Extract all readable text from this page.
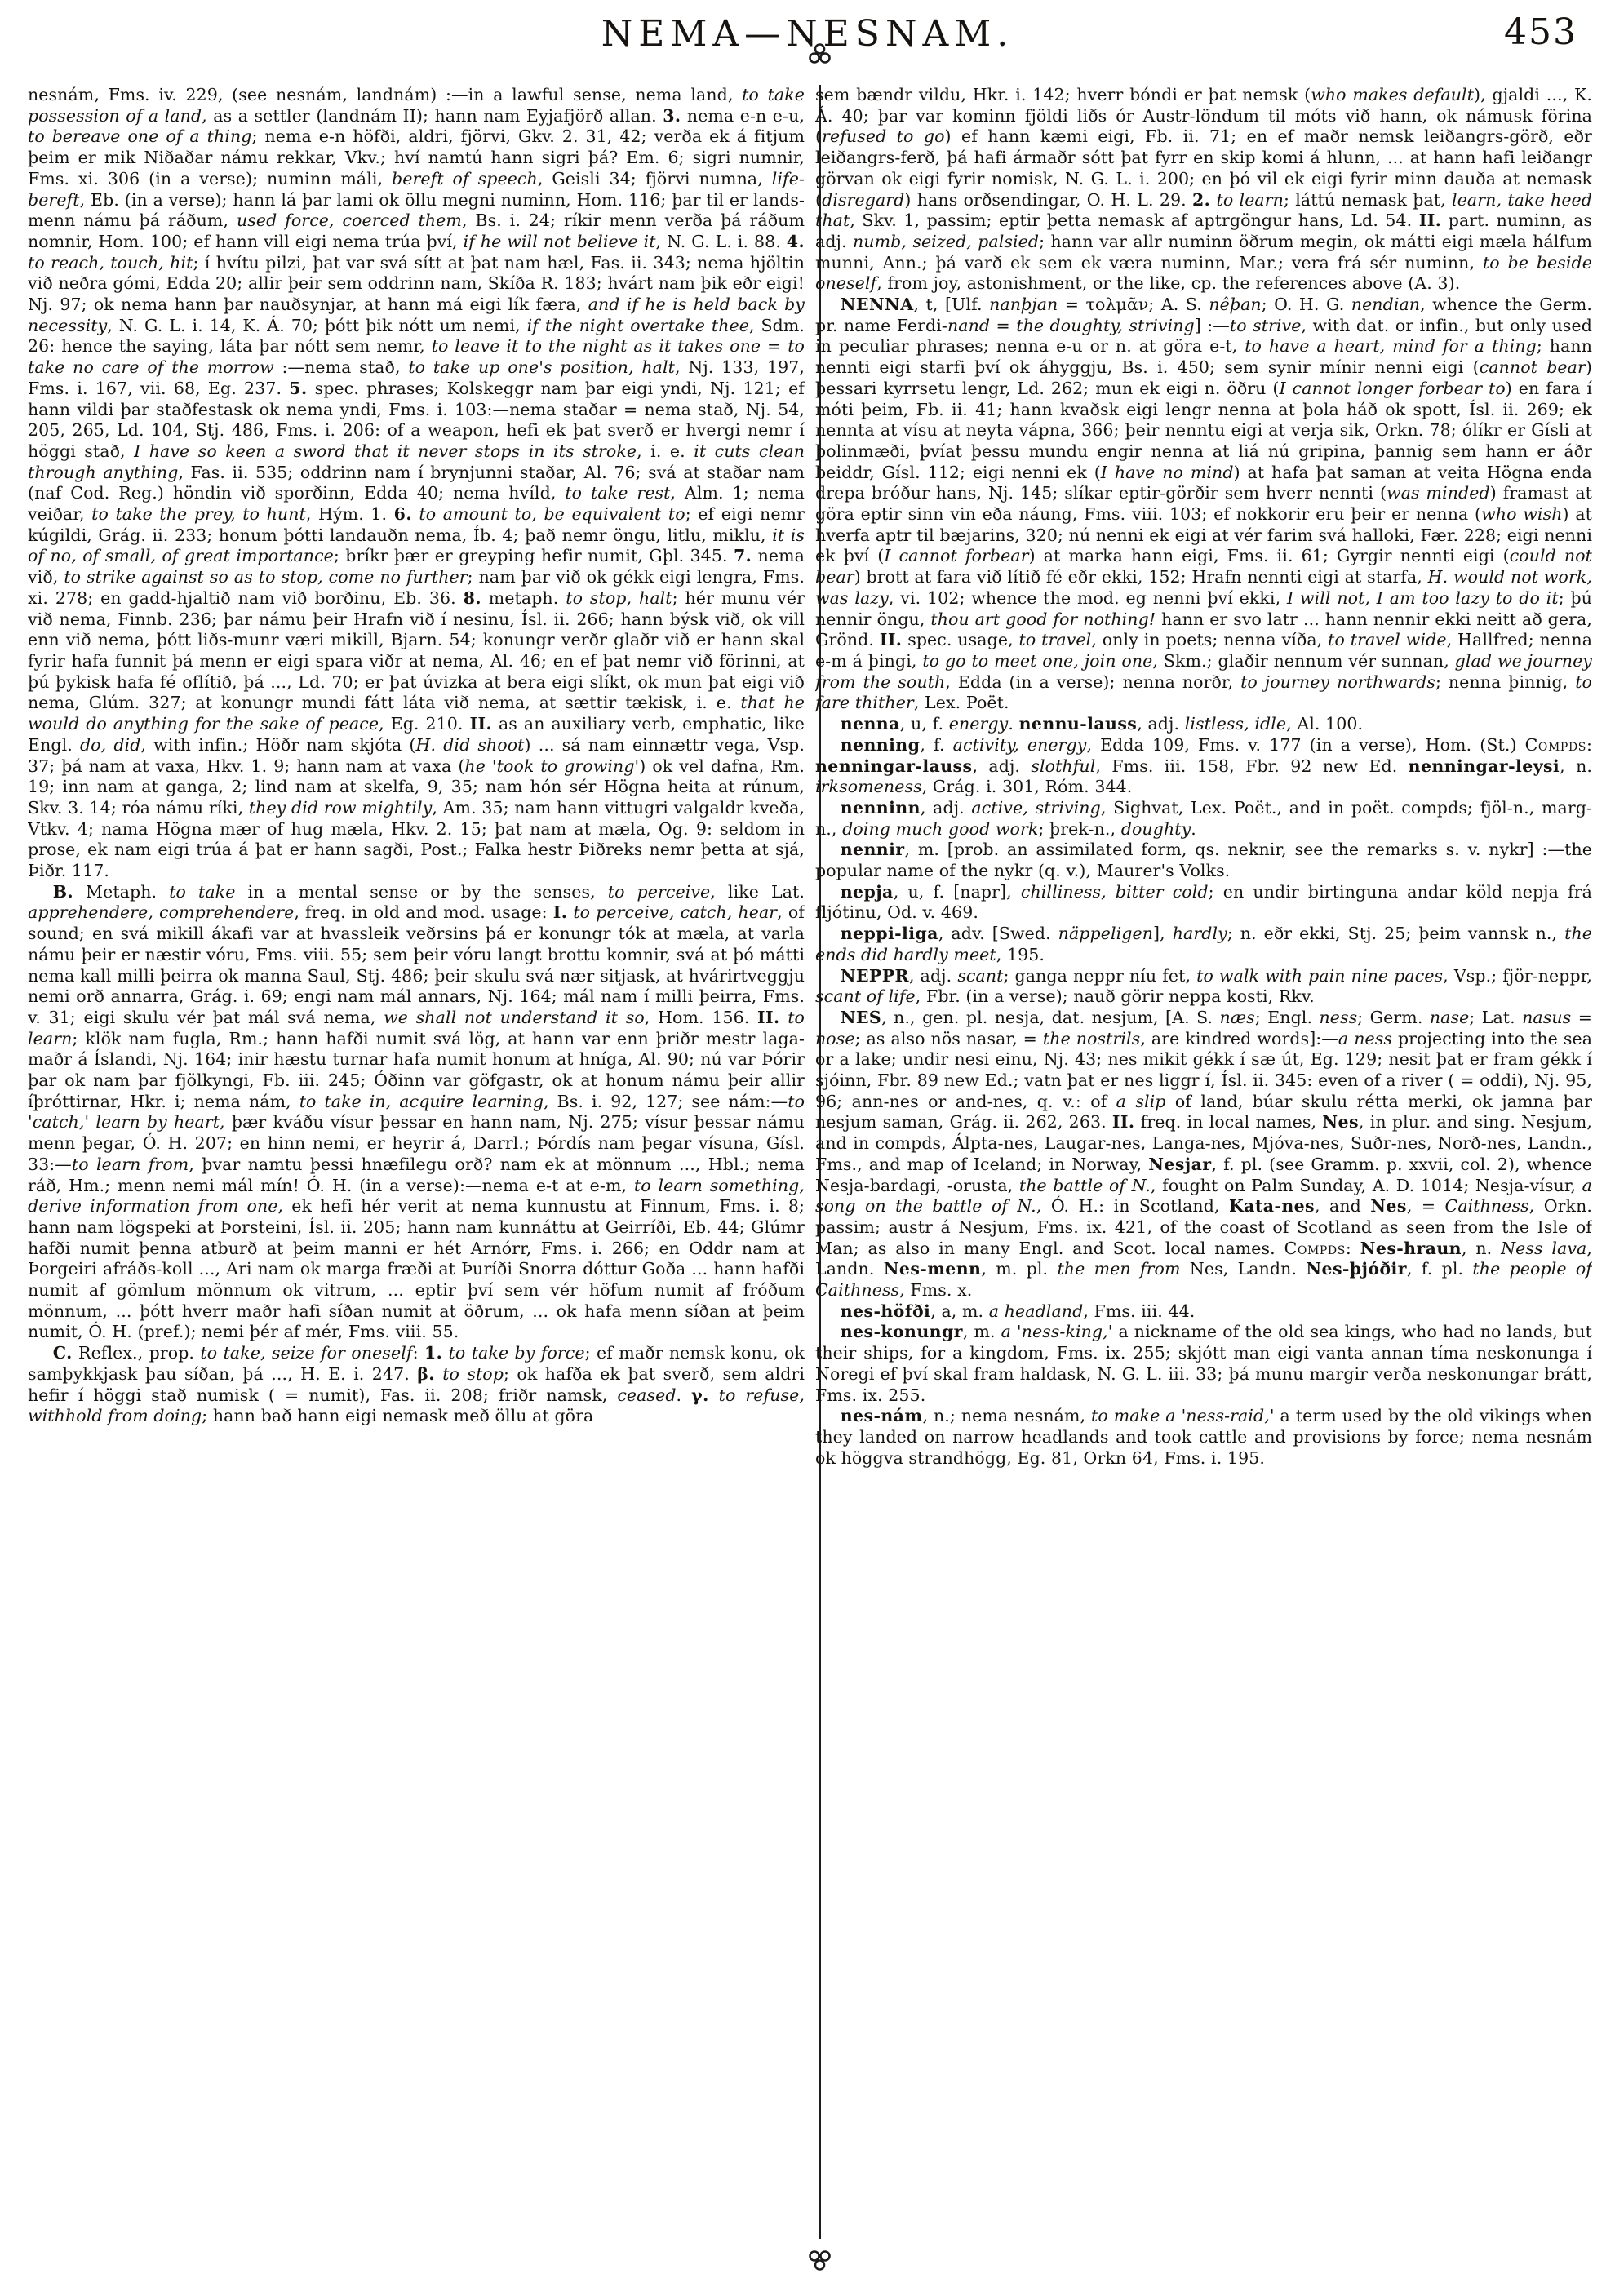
NEMA—NESNAM.	453

nesnám, Fms. iv. 229, (see nesnám, landnám) :—in a lawful sense, nema land, to take possession of a land, as a settler (landnám II); hann nam Eyjafjörð allan. 3. nema e-n e-u, to bereave one of a thing; nema e-n höfði, aldri, fjörvi, Gkv. 2. 31, 42; verða ek á fitjum þeim er mik Niðaðar námu rekkar, Vkv.; hví namtú hann sigri þá? Em. 6; sigri numnir, Fms. xi. 306 (in a verse); numinn máli, bereft of speech, Geisli 34; fjörvi numna, life-bereft, Eb. (in a verse); hann lá þar lami ok öllu megni numinn, Hom. 116; þar til er lands-menn námu þá ráðum, used force, coerced them, Bs. i. 24; ríkir menn verða þá ráðum nomnir, Hom. 100; ef hann vill eigi nema trúa því, if he will not believe it, N. G. L. i. 88. 4. to reach, touch, hit; í hvítu pilzi, þat var svá sítt at þat nam hæl, Fas. ii. 343; nema hjöltin við neðra gómi, Edda 20; allir þeir sem oddrinn nam, Skíða R. 183; hvárt nam þik eðr eigi! Nj. 97; ok nema hann þar nauðsynjar, at hann má eigi lík færa, and if he is held back by necessity, N. G. L. i. 14, K. Á. 70; þótt þik nótt um nemi, if the night overtake thee, Sdm. 26: hence the saying, láta þar nótt sem nemr, to leave it to the night as it takes one = to take no care of the morrow :—nema stað, to take up one's position, halt, Nj. 133, 197, Fms. i. 167, vii. 68, Eg. 237. 5. spec. phrases; Kolskeggr nam þar eigi yndi, Nj. 121; ef hann vildi þar staðfestask ok nema yndi, Fms. i. 103:—nema staðar = nema stað, Nj. 54, 205, 265, Ld. 104, Stj. 486, Fms. i. 206: of a weapon, hefi ek þat sverð er hvergi nemr í höggi stað, I have so keen a sword that it never stops in its stroke, i. e. it cuts clean through anything, Fas. ii. 535; oddrinn nam í brynjunni staðar, Al. 76; svá at staðar nam (naf Cod. Reg.) höndin við sporðinn, Edda 40; nema hvíld, to take rest, Alm. 1; nema veiðar, to take the prey, to hunt, Hým. 1. 6. to amount to, be equivalent to; ef eigi nemr kúgildi, Grág. ii. 233; honum þótti landauðn nema, Íb. 4; það nemr öngu, litlu, miklu, it is of no, of small, of great importance; bríkr þær er greyping hefir numit, Gþl. 345. 7. nema við, to strike against so as to stop, come no further; nam þar við ok gékk eigi lengra, Fms. xi. 278; en gadd-hjaltið nam við borðinu, Eb. 36. 8. metaph. to stop, halt; hér munu vér við nema, Finnb. 236; þar námu þeir Hrafn við í nesinu, Ísl. ii. 266; hann býsk við, ok vill enn við nema, þótt liðs-munr væri mikill, Bjarn. 54; konungr verðr glaðr við er hann skal fyrir hafa funnit þá menn er eigi spara viðr at nema, Al. 46; en ef þat nemr við förinni, at þú þykisk hafa fé oflítið, þá ..., Ld. 70; er þat úvizka at bera eigi slíkt, ok mun þat eigi við nema, Glúm. 327; at konungr mundi fátt láta við nema, at sættir tækisk, i. e. that he would do anything for the sake of peace, Eg. 210. II. as an auxiliary verb, emphatic, like Engl. do, did, with infin.; Höðr nam skjóta (H. did shoot) ... sá nam einnættr vega, Vsp. 37; þá nam at vaxa, Hkv. 1. 9; hann nam at vaxa (he 'took to growing') ok vel dafna, Rm. 19; inn nam at ganga, 2; lind nam at skelfa, 9, 35; nam hón sér Högna heita at rúnum, Skv. 3. 14; róa námu ríki, they did row mightily, Am. 35; nam hann vittugri valgaldr kveða, Vtkv. 4; nama Högna mær of hug mæla, Hkv. 2. 15; þat nam at mæla, Og. 9: seldom in prose, ek nam eigi trúa á þat er hann sagði, Post.; Falka hestr Þiðreks nemr þetta at sjá, Þiðr. 117.

B. Metaph. to take in a mental sense or by the senses, to perceive, like Lat. apprehendere, comprehendere, freq. in old and mod. usage: I. to perceive, catch, hear, of sound; en svá mikill ákafi var at hvassleik veðrsins þá er konungr tók at mæla, at varla námu þeir er næstir vóru, Fms. viii. 55; sem þeir vóru langt brottu komnir, svá at þó mátti nema kall milli þeirra ok manna Saul, Stj. 486; þeir skulu svá nær sitjask, at hvárirtveggju nemi orð annarra, Grág. i. 69; engi nam mál annars, Nj. 164; mál nam í milli þeirra, Fms. v. 31; eigi skulu vér þat mál svá nema, we shall not understand it so, Hom. 156. II. to learn; klök nam fugla, Rm.; hann hafði numit svá lög, at hann var enn þriðr mestr laga-maðr á Íslandi, Nj. 164; inir hæstu turnar hafa numit honum at hníga, Al. 90; nú var Þórir þar ok nam þar fjölkyngi, Fb. iii. 245; Óðinn var göfgastr, ok at honum námu þeir allir íþróttirnar, Hkr. i; nema nám, to take in, acquire learning, Bs. i. 92, 127; see nám:—to 'catch,' learn by heart, þær kváðu vísur þessar en hann nam, Nj. 275; vísur þessar námu menn þegar, Ó. H. 207; en hinn nemi, er heyrir á, Darrl.; Þórdís nam þegar vísuna, Gísl. 33:—to learn from, þvar namtu þessi hnæfilegu orð? nam ek at mönnum ..., Hbl.; nema ráð, Hm.; menn nemi mál mín! Ó. H. (in a verse):—nema e-t at e-m, to learn something, derive information from one, ek hefi hér verit at nema kunnustu at Finnum, Fms. i. 8; hann nam lögspeki at Þorsteini, Ísl. ii. 205; hann nam kunnáttu at Geirríði, Eb. 44; Glúmr hafði numit þenna atburð at þeim manni er hét Arnórr, Fms. i. 266; en Oddr nam at Þorgeiri afráðs-koll ..., Ari nam ok marga fræði at Þuríði Snorra dóttur Goða ... hann hafði numit af gömlum mönnum ok vitrum, ... eptir því sem vér höfum numit af fróðum mönnum, ... þótt hverr maðr hafi síðan numit at öðrum, ... ok hafa menn síðan at þeim numit, Ó. H. (pref.); nemi þér af mér, Fms. viii. 55.

C. Reflex., prop. to take, seize for oneself: 1. to take by force; ef maðr nemsk konu, ok samþykkjask þau síðan, þá ..., H. E. i. 247. β. to stop; ok hafða ek þat sverð, sem aldri hefir í höggi stað numisk ( = numit), Fas. ii. 208; friðr namsk, ceased. γ. to refuse, withhold from doing; hann bað hann eigi nemask með öllu at göra

sem bændr vildu, Hkr. i. 142; hverr bóndi er þat nemsk (who makes default), gjaldi ..., K. Á. 40; þar var kominn fjöldi liðs ór Austr-löndum til móts við hann, ok námusk förina (refused to go) ef hann kæmi eigi, Fb. ii. 71; en ef maðr nemsk leiðangrs-görð, eðr leiðangrs-ferð, þá hafi ármaðr sótt þat fyrr en skip komi á hlunn, ... at hann hafi leiðangr görvan ok eigi fyrir nomisk, N. G. L. i. 200; en þó vil ek eigi fyrir minn dauða at nemask (disregard) hans orðsendingar, O. H. L. 29. 2. to learn; láttú nemask þat, learn, take heed that, Skv. 1, passim; eptir þetta nemask af aptrgöngur hans, Ld. 54. II. part. numinn, as adj. numb, seized, palsied; hann var allr numinn öðrum megin, ok mátti eigi mæla hálfum munni, Ann.; þá varð ek sem ek væra numinn, Mar.; vera frá sér numinn, to be beside oneself, from joy, astonishment, or the like, cp. the references above (A. 3).

NENNA, t, [Ulf. nanþjan = τολμᾶν; A. S. nêþan; O. H. G. nendian, whence the Germ. pr. name Ferdi-nand = the doughty, striving] :—to strive, with dat. or infin., but only used in peculiar phrases; nenna e-u or n. at göra e-t, to have a heart, mind for a thing; hann nennti eigi starfi því ok áhyggju, Bs. i. 450; sem synir mínir nenni eigi (cannot bear) þessari kyrrsetu lengr, Ld. 262; mun ek eigi n. öðru (I cannot longer forbear to) en fara í móti þeim, Fb. ii. 41; hann kvaðsk eigi lengr nenna at þola háð ok spott, Ísl. ii. 269; ek nennta at vísu at neyta vápna, 366; þeir nenntu eigi at verja sik, Orkn. 78; ólíkr er Gísli at þolinmæði, þvíat þessu mundu engir nenna at liá nú gripina, þannig sem hann er áðr beiddr, Gísl. 112; eigi nenni ek (I have no mind) at hafa þat saman at veita Högna enda drepa bróður hans, Nj. 145; slíkar eptir-görðir sem hverr nennti (was minded) framast at göra eptir sinn vin eða náung, Fms. viii. 103; ef nokkorir eru þeir er nenna (who wish) at hverfa aptr til bæjarins, 320; nú nenni ek eigi at vér farim svá halloki, Fær. 228; eigi nenni ek því (I cannot forbear) at marka hann eigi, Fms. ii. 61; Gyrgir nennti eigi (could not bear) brott at fara við lítið fé eðr ekki, 152; Hrafn nennti eigi at starfa, H. would not work, was lazy, vi. 102; whence the mod. eg nenni því ekki, I will not, I am too lazy to do it; þú nennir öngu, thou art good for nothing! hann er svo latr ... hann nennir ekki neitt að gera, Grönd. II. spec. usage, to travel, only in poets; nenna víða, to travel wide, Hallfred; nenna e-m á þingi, to go to meet one, join one, Skm.; glaðir nennum vér sunnan, glad we journey from the south, Edda (in a verse); nenna norðr, to journey northwards; nenna þinnig, to fare thither, Lex. Poët.

nenna, u, f. energy. nennu-lauss, adj. listless, idle, Al. 100.

nenning, f. activity, energy, Edda 109, Fms. v. 177 (in a verse), Hom. (St.) Compds: nenningar-lauss, adj. slothful, Fms. iii. 158, Fbr. 92 new Ed. nenningar-leysi, n. irksomeness, Grág. i. 301, Róm. 344.

nenninn, adj. active, striving, Sighvat, Lex. Poët., and in poët. compds; fjöl-n., marg-n., doing much good work; þrek-n., doughty.

nennir, m. [prob. an assimilated form, qs. neknir, see the remarks s. v. nykr] :—the popular name of the nykr (q. v.), Maurer's Volks.

nepja, u, f. [napr], chilliness, bitter cold; en undir birtinguna andar köld nepja frá fljótinu, Od. v. 469.

neppi-liga, adv. [Swed. näppeligen], hardly; n. eðr ekki, Stj. 25; þeim vannsk n., the ends did hardly meet, 195.

NEPPR, adj. scant; ganga neppr níu fet, to walk with pain nine paces, Vsp.; fjör-neppr, scant of life, Fbr. (in a verse); nauð görir neppa kosti, Rkv.

NES, n., gen. pl. nesja, dat. nesjum, [A. S. næs; Engl. ness; Germ. nase; Lat. nasus = nose; as also nös nasar, = the nostrils, are kindred words]:—a ness projecting into the sea or a lake; undir nesi einu, Nj. 43; nes mikit gékk í sæ út, Eg. 129; nesit þat er fram gékk í sjóinn, Fbr. 89 new Ed.; vatn þat er nes liggr í, Ísl. ii. 345: even of a river ( = oddi), Nj. 95, 96; ann-nes or and-nes, q. v.: of a slip of land, búar skulu rétta merki, ok jamna þar nesjum saman, Grág. ii. 262, 263. II. freq. in local names, Nes, in plur. and sing. Nesjum, and in compds, Álpta-nes, Laugar-nes, Langa-nes, Mjóva-nes, Suðr-nes, Norð-nes, Landn., Fms., and map of Iceland; in Norway, Nesjar, f. pl. (see Gramm. p. xxvii, col. 2), whence Nesja-bardagi, -orusta, the battle of N., fought on Palm Sunday, A. D. 1014; Nesja-vísur, a song on the battle of N., Ó. H.: in Scotland, Kata-nes, and Nes, = Caithness, Orkn. passim; austr á Nesjum, Fms. ix. 421, of the coast of Scotland as seen from the Isle of Man; as also in many Engl. and Scot. local names. Compds: Nes-hraun, n. Ness lava, Landn. Nes-menn, m. pl. the men from Nes, Landn. Nes-þjóðir, f. pl. the people of Caithness, Fms. x.

nes-höfði, a, m. a headland, Fms. iii. 44.

nes-konungr, m. a 'ness-king,' a nickname of the old sea kings, who had no lands, but their ships, for a kingdom, Fms. ix. 255; skjótt man eigi vanta annan tíma neskonunga í Noregi ef því skal fram haldask, N. G. L. iii. 33; þá munu margir verða neskonungar brátt, Fms. ix. 255.

nes-nám, n.; nema nesnám, to make a 'ness-raid,' a term used by the old vikings when they landed on narrow headlands and took cattle and provisions by force; nema nesnám ok höggva strandhögg, Eg. 81, Orkn 64, Fms. i. 195.
